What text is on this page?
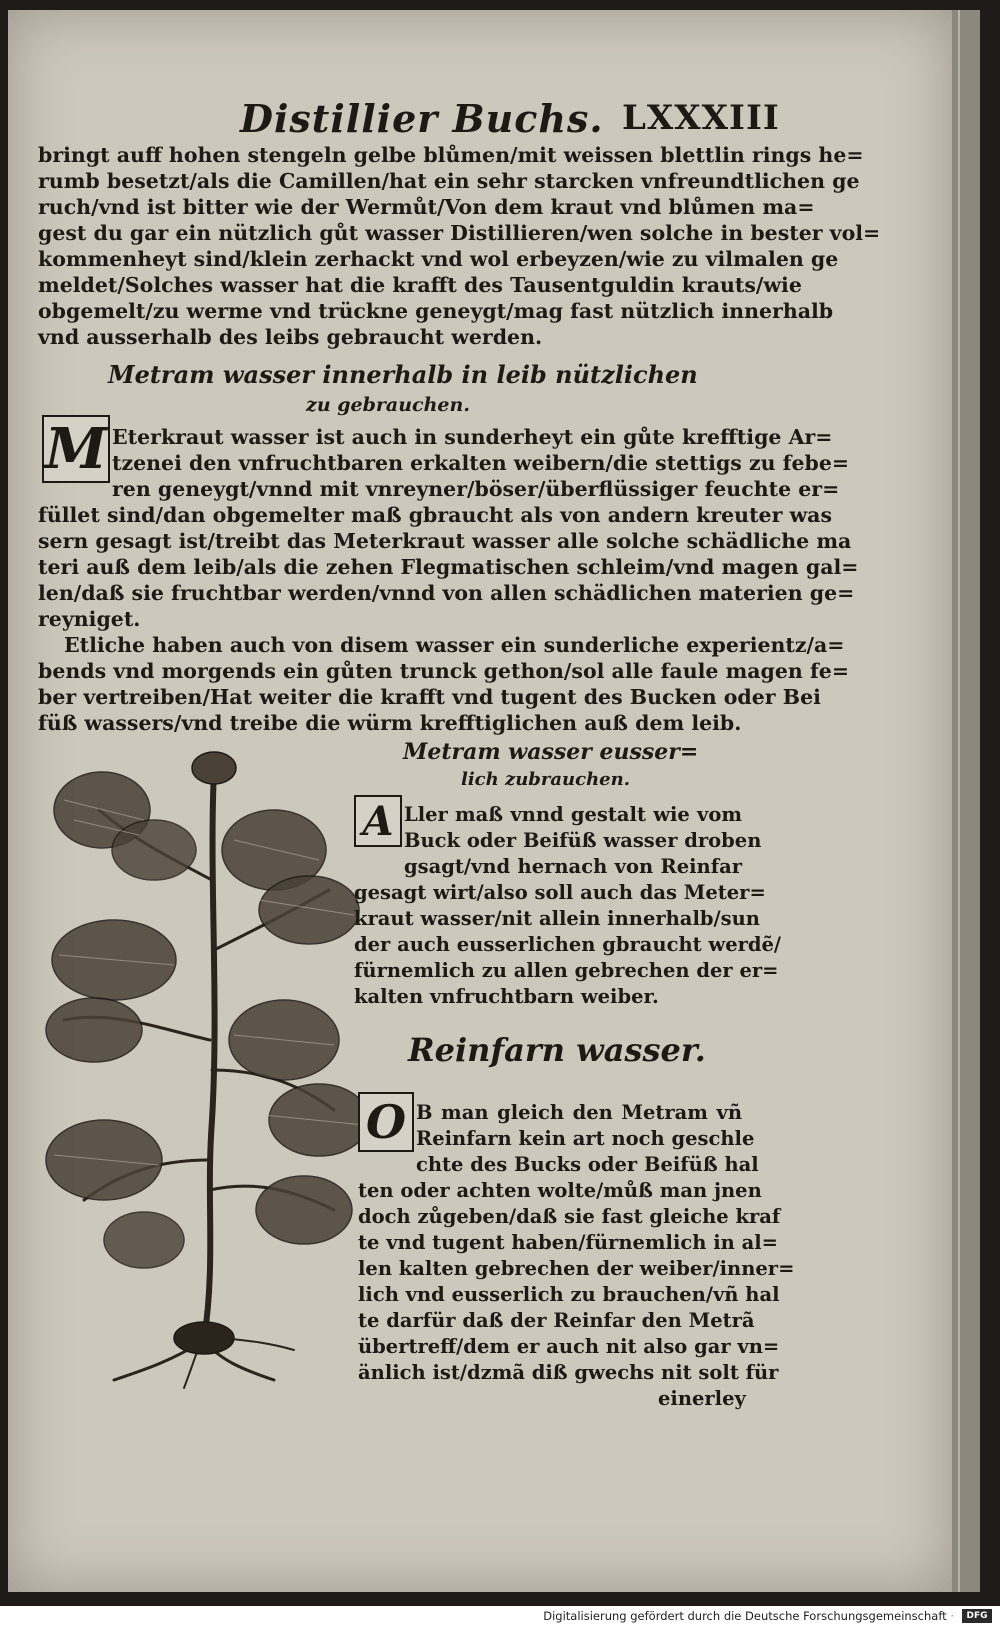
Distillier Buchs. LXXXIII
bringt auff hohen stengeln gelbe blůmen/mit weissen blettlin rings he=
rumb besetzt/als die Camillen/hat ein sehr starcken vnfreundtlichen ge
ruch/vnd ist bitter wie der Wermůt/Von dem kraut vnd blůmen ma=
gest du gar ein nützlich gůt wasser Distillieren/wen solche in bester vol=
kommenheyt sind/klein zerhackt vnd wol erbeyzen/wie zu vilmalen ge
meldet/Solches wasser hat die krafft des Tausentguldin krauts/wie
obgemelt/zu werme vnd trückne geneygt/mag fast nützlich innerhalb
vnd ausserhalb des leibs gebraucht werden.
Metram wasser innerhalb in leib nützlichen
zu gebrauchen.
M Eterkraut wasser ist auch in sunderheyt ein gůte krefftige Ar=
tzenei den vnfruchtbaren erkalten weibern/die stettigs zu febe=
ren geneygt/vnnd mit vnreyner/böser/überflüssiger feuchte er=
füllet sind/dan obgemelter maß gbraucht als von andern kreuter was
sern gesagt ist/treibt das Meterkraut wasser alle solche schädliche ma
teri auß dem leib/als die zehen Flegmatischen schleim/vnd magen gal=
len/daß sie fruchtbar werden/vnnd von allen schädlichen materien ge=
reyniget.
Etliche haben auch von disem wasser ein sunderliche experientz/a=
bends vnd morgends ein gůten trunck gethon/sol alle faule magen fe=
ber vertreiben/Hat weiter die krafft vnd tugent des Bucken oder Bei
füß wassers/vnd treibe die würm krefftiglichen auß dem leib.
Metram wasser eusser=
lich zubrauchen.
A Ller maß vnnd gestalt wie vom
Buck oder Beifüß wasser droben
gsagt/vnd hernach von Reinfar
gesagt wirt/also soll auch das Meter=
kraut wasser/nit allein innerhalb/sun
der auch eusserlichen gbraucht werdẽ/
fürnemlich zu allen gebrechen der er=
kalten vnfruchtbarn weiber.
Reinfarn wasser.
O B man gleich den Metram vñ
Reinfarn kein art noch geschle
chte des Bucks oder Beifüß hal
ten oder achten wolte/můß man jnen
doch zůgeben/daß sie fast gleiche kraf
te vnd tugent haben/fürnemlich in al=
len kalten gebrechen der weiber/inner=
lich vnd eusserlich zu brauchen/vñ hal
te darfür daß der Reinfar den Metrã
übertreff/dem er auch nit also gar vn=
änlich ist/dzmã diß gwechs nit solt für
einerley
Digitalisierung gefördert durch die Deutsche Forschungsgemeinschaft ·	DFG
